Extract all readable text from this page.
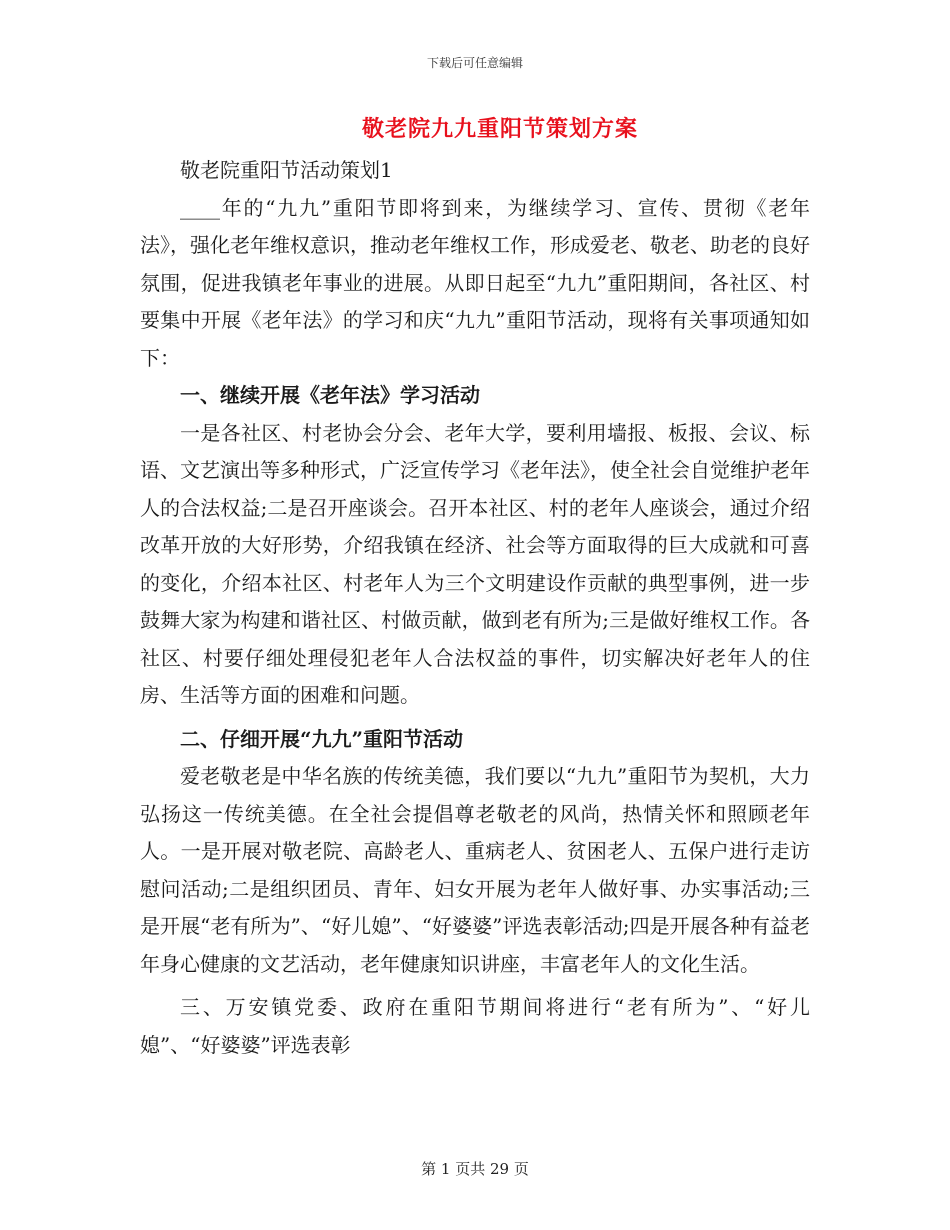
下载后可任意编辑
敬老院九九重阳节策划方案

敬老院重阳节活动策划1

____年的“九九”重阳节即将到来，为继续学习、宣传、贯彻《老年法》，强化老年维权意识，推动老年维权工作，形成爱老、敬老、助老的良好氛围，促进我镇老年事业的进展。从即日起至“九九”重阳期间，各社区、村要集中开展《老年法》的学习和庆“九九”重阳节活动，现将有关事项通知如下：

一、继续开展《老年法》学习活动

一是各社区、村老协会分会、老年大学，要利用墙报、板报、会议、标语、文艺演出等多种形式，广泛宣传学习《老年法》，使全社会自觉维护老年人的合法权益;二是召开座谈会。召开本社区、村的老年人座谈会，通过介绍改革开放的大好形势，介绍我镇在经济、社会等方面取得的巨大成就和可喜的变化，介绍本社区、村老年人为三个文明建设作贡献的典型事例，进一步鼓舞大家为构建和谐社区、村做贡献，做到老有所为;三是做好维权工作。各社区、村要仔细处理侵犯老年人合法权益的事件，切实解决好老年人的住房、生活等方面的困难和问题。

二、仔细开展“九九”重阳节活动

爱老敬老是中华名族的传统美德，我们要以“九九”重阳节为契机，大力弘扬这一传统美德。在全社会提倡尊老敬老的风尚，热情关怀和照顾老年人。一是开展对敬老院、高龄老人、重病老人、贫困老人、五保户进行走访慰问活动;二是组织团员、青年、妇女开展为老年人做好事、办实事活动;三是开展“老有所为”、“好儿媳”、“好婆婆”评选表彰活动;四是开展各种有益老年身心健康的文艺活动，老年健康知识讲座，丰富老年人的文化生活。

三、万安镇党委、政府在重阳节期间将进行“老有所为”、“好儿媳”、“好婆婆”评选表彰

第 1 页共 29 页
